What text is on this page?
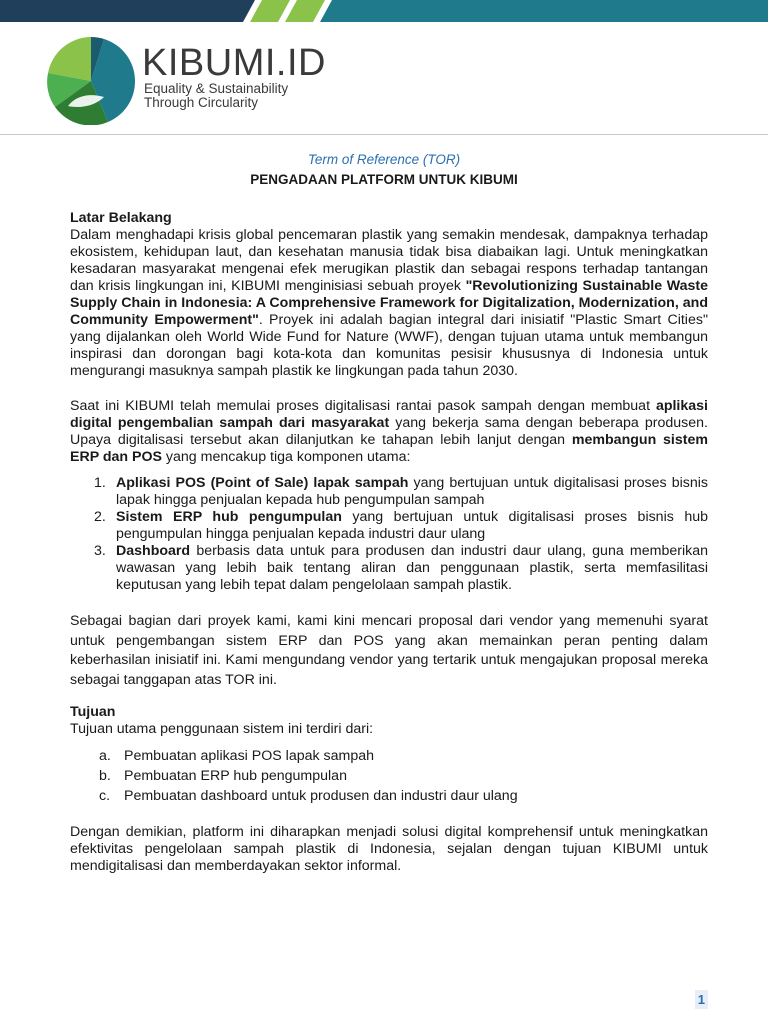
KIBUMI.ID
Equality & Sustainability
Through Circularity
Term of Reference (TOR)
PENGADAAN PLATFORM UNTUK KIBUMI

Latar Belakang

Dalam menghadapi krisis global pencemaran plastik yang semakin mendesak, dampaknya terhadap ekosistem, kehidupan laut, dan kesehatan manusia tidak bisa diabaikan lagi. Untuk meningkatkan kesadaran masyarakat mengenai efek merugikan plastik dan sebagai respons terhadap tantangan dan krisis lingkungan ini, KIBUMI menginisiasi sebuah proyek "Revolutionizing Sustainable Waste Supply Chain in Indonesia: A Comprehensive Framework for Digitalization, Modernization, and Community Empowerment". Proyek ini adalah bagian integral dari inisiatif "Plastic Smart Cities" yang dijalankan oleh World Wide Fund for Nature (WWF), dengan tujuan utama untuk membangun inspirasi dan dorongan bagi kota-kota dan komunitas pesisir khususnya di Indonesia untuk mengurangi masuknya sampah plastik ke lingkungan pada tahun 2030.

Saat ini KIBUMI telah memulai proses digitalisasi rantai pasok sampah dengan membuat aplikasi digital pengembalian sampah dari masyarakat yang bekerja sama dengan beberapa produsen. Upaya digitalisasi tersebut akan dilanjutkan ke tahapan lebih lanjut dengan membangun sistem ERP dan POS yang mencakup tiga komponen utama:

1. Aplikasi POS (Point of Sale) lapak sampah yang bertujuan untuk digitalisasi proses bisnis lapak hingga penjualan kepada hub pengumpulan sampah
2. Sistem ERP hub pengumpulan yang bertujuan untuk digitalisasi proses bisnis hub pengumpulan hingga penjualan kepada industri daur ulang
3. Dashboard berbasis data untuk para produsen dan industri daur ulang, guna memberikan wawasan yang lebih baik tentang aliran dan penggunaan plastik, serta memfasilitasi keputusan yang lebih tepat dalam pengelolaan sampah plastik.

Sebagai bagian dari proyek kami, kami kini mencari proposal dari vendor yang memenuhi syarat untuk pengembangan sistem ERP dan POS yang akan memainkan peran penting dalam keberhasilan inisiatif ini. Kami mengundang vendor yang tertarik untuk mengajukan proposal mereka sebagai tanggapan atas TOR ini.

Tujuan

Tujuan utama penggunaan sistem ini terdiri dari:

a. Pembuatan aplikasi POS lapak sampah
b. Pembuatan ERP hub pengumpulan
c. Pembuatan dashboard untuk produsen dan industri daur ulang

Dengan demikian, platform ini diharapkan menjadi solusi digital komprehensif untuk meningkatkan efektivitas pengelolaan sampah plastik di Indonesia, sejalan dengan tujuan KIBUMI untuk mendigitalisasi dan memberdayakan sektor informal.

1
